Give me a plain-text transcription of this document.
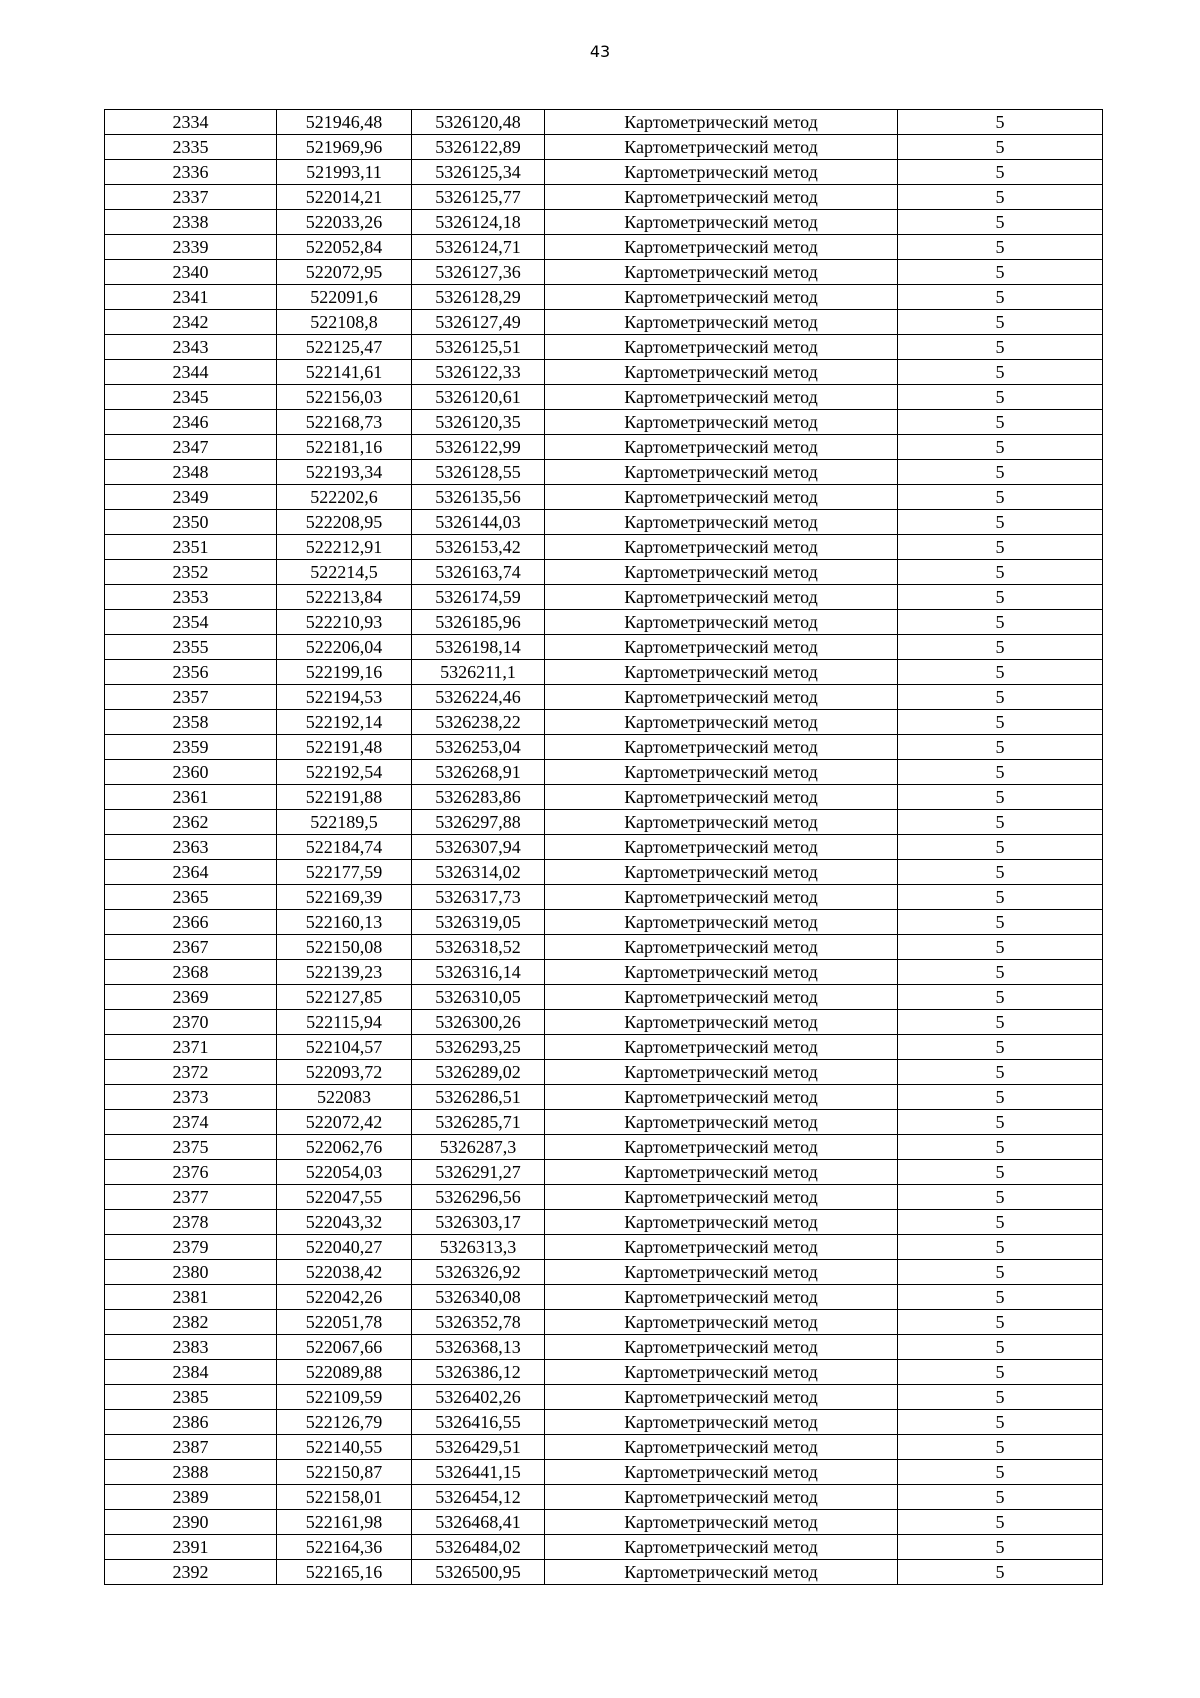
43
2334	521946,48	5326120,48	Картометрический метод	5
2335	521969,96	5326122,89	Картометрический метод	5
2336	521993,11	5326125,34	Картометрический метод	5
2337	522014,21	5326125,77	Картометрический метод	5
2338	522033,26	5326124,18	Картометрический метод	5
2339	522052,84	5326124,71	Картометрический метод	5
2340	522072,95	5326127,36	Картометрический метод	5
2341	522091,6	5326128,29	Картометрический метод	5
2342	522108,8	5326127,49	Картометрический метод	5
2343	522125,47	5326125,51	Картометрический метод	5
2344	522141,61	5326122,33	Картометрический метод	5
2345	522156,03	5326120,61	Картометрический метод	5
2346	522168,73	5326120,35	Картометрический метод	5
2347	522181,16	5326122,99	Картометрический метод	5
2348	522193,34	5326128,55	Картометрический метод	5
2349	522202,6	5326135,56	Картометрический метод	5
2350	522208,95	5326144,03	Картометрический метод	5
2351	522212,91	5326153,42	Картометрический метод	5
2352	522214,5	5326163,74	Картометрический метод	5
2353	522213,84	5326174,59	Картометрический метод	5
2354	522210,93	5326185,96	Картометрический метод	5
2355	522206,04	5326198,14	Картометрический метод	5
2356	522199,16	5326211,1	Картометрический метод	5
2357	522194,53	5326224,46	Картометрический метод	5
2358	522192,14	5326238,22	Картометрический метод	5
2359	522191,48	5326253,04	Картометрический метод	5
2360	522192,54	5326268,91	Картометрический метод	5
2361	522191,88	5326283,86	Картометрический метод	5
2362	522189,5	5326297,88	Картометрический метод	5
2363	522184,74	5326307,94	Картометрический метод	5
2364	522177,59	5326314,02	Картометрический метод	5
2365	522169,39	5326317,73	Картометрический метод	5
2366	522160,13	5326319,05	Картометрический метод	5
2367	522150,08	5326318,52	Картометрический метод	5
2368	522139,23	5326316,14	Картометрический метод	5
2369	522127,85	5326310,05	Картометрический метод	5
2370	522115,94	5326300,26	Картометрический метод	5
2371	522104,57	5326293,25	Картометрический метод	5
2372	522093,72	5326289,02	Картометрический метод	5
2373	522083	5326286,51	Картометрический метод	5
2374	522072,42	5326285,71	Картометрический метод	5
2375	522062,76	5326287,3	Картометрический метод	5
2376	522054,03	5326291,27	Картометрический метод	5
2377	522047,55	5326296,56	Картометрический метод	5
2378	522043,32	5326303,17	Картометрический метод	5
2379	522040,27	5326313,3	Картометрический метод	5
2380	522038,42	5326326,92	Картометрический метод	5
2381	522042,26	5326340,08	Картометрический метод	5
2382	522051,78	5326352,78	Картометрический метод	5
2383	522067,66	5326368,13	Картометрический метод	5
2384	522089,88	5326386,12	Картометрический метод	5
2385	522109,59	5326402,26	Картометрический метод	5
2386	522126,79	5326416,55	Картометрический метод	5
2387	522140,55	5326429,51	Картометрический метод	5
2388	522150,87	5326441,15	Картометрический метод	5
2389	522158,01	5326454,12	Картометрический метод	5
2390	522161,98	5326468,41	Картометрический метод	5
2391	522164,36	5326484,02	Картометрический метод	5
2392	522165,16	5326500,95	Картометрический метод	5
